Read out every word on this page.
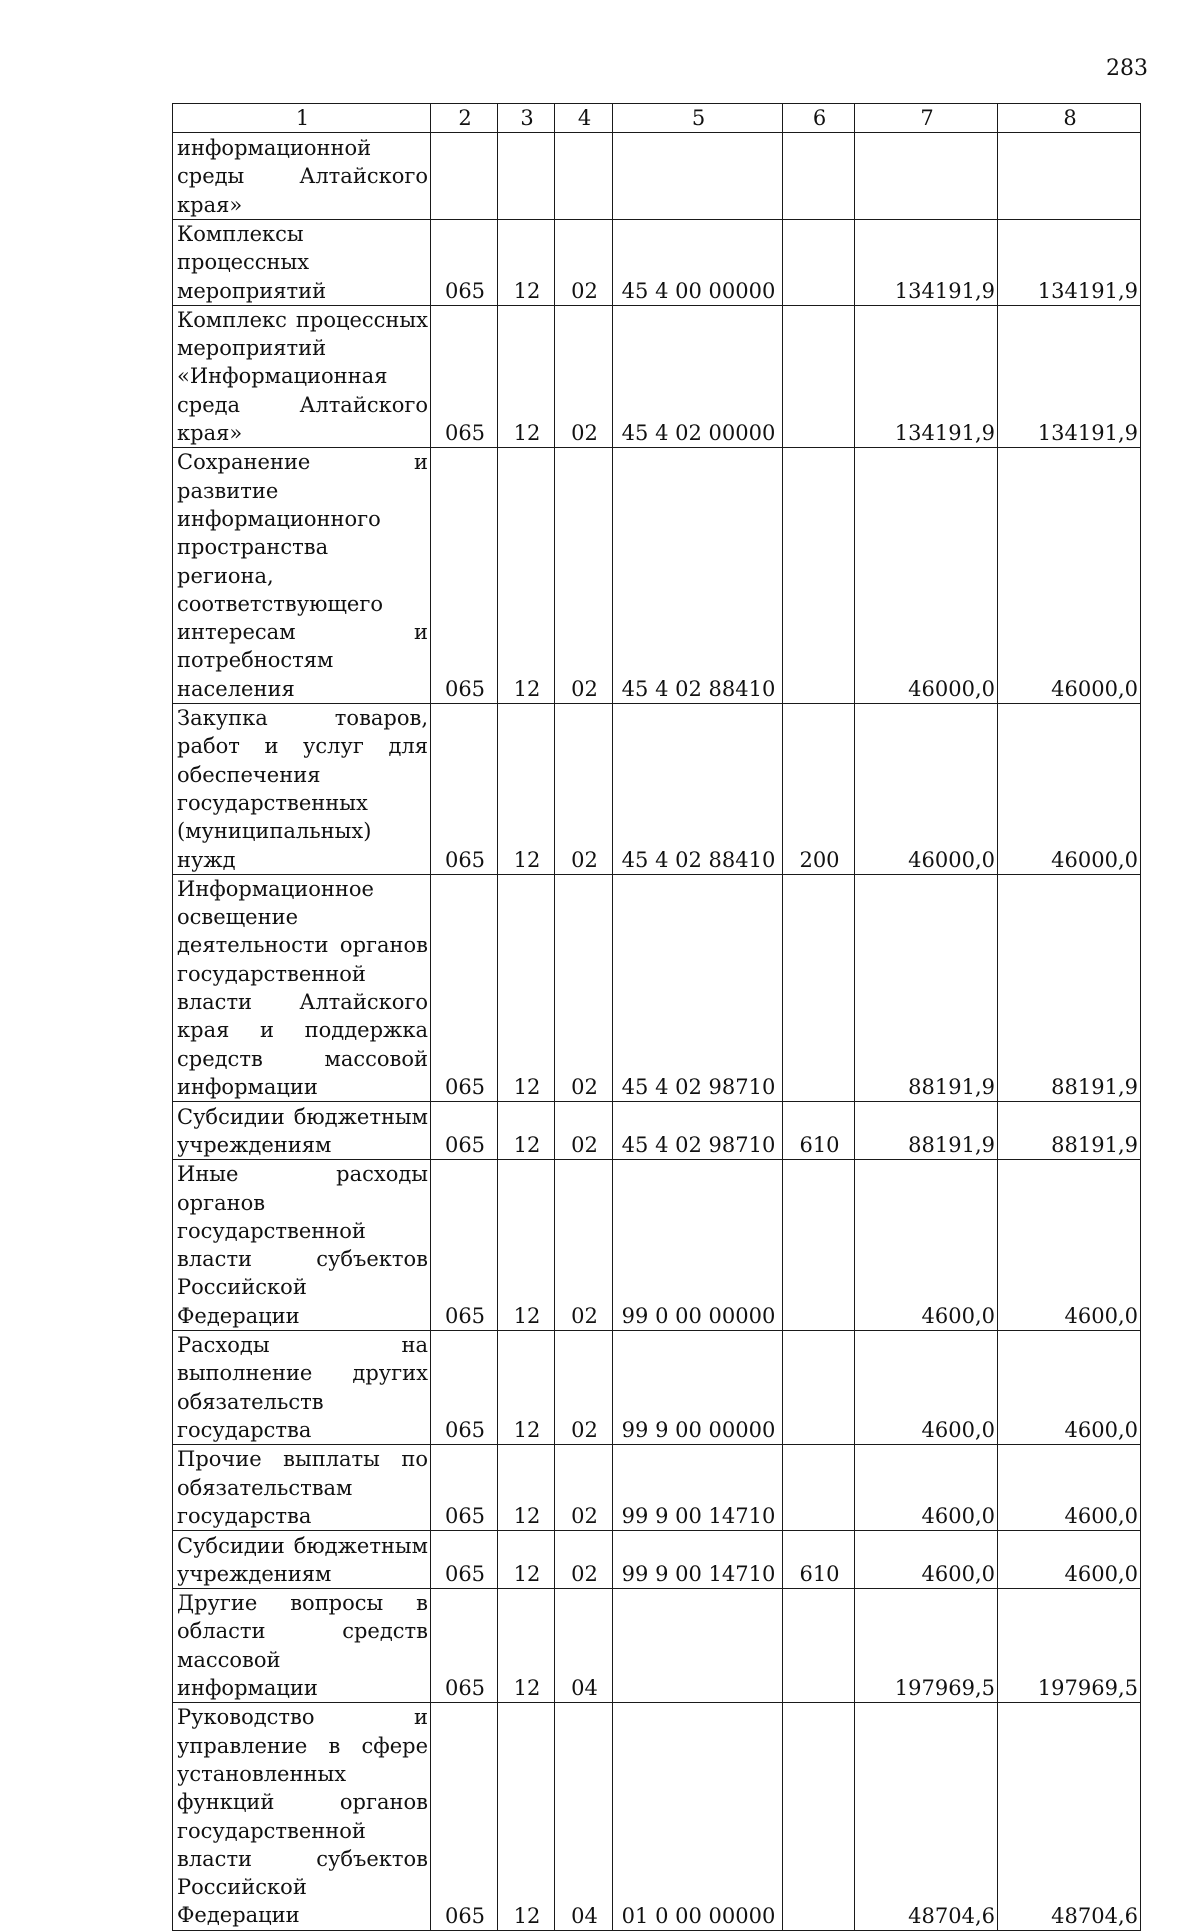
283
1	2	3	4	5	6	7	8
информационной среды Алтайского края»							
Комплексы процессных мероприятий	065	12	02	45 4 00 00000		134191,9	134191,9
Комплекс процессных мероприятий «Информационная среда Алтайского края»	065	12	02	45 4 02 00000		134191,9	134191,9
Сохранение и развитие информационного пространства региона, соответствующего интересам и потребностям населения	065	12	02	45 4 02 88410		46000,0	46000,0
Закупка товаров, работ и услуг для обеспечения государственных (муниципальных) нужд	065	12	02	45 4 02 88410	200	46000,0	46000,0
Информационное освещение деятельности органов государственной власти Алтайского края и поддержка средств массовой информации	065	12	02	45 4 02 98710		88191,9	88191,9
Субсидии бюджетным учреждениям	065	12	02	45 4 02 98710	610	88191,9	88191,9
Иные расходы органов государственной власти субъектов Российской Федерации	065	12	02	99 0 00 00000		4600,0	4600,0
Расходы на выполнение других обязательств государства	065	12	02	99 9 00 00000		4600,0	4600,0
Прочие выплаты по обязательствам государства	065	12	02	99 9 00 14710		4600,0	4600,0
Субсидии бюджетным учреждениям	065	12	02	99 9 00 14710	610	4600,0	4600,0
Другие вопросы в области средств массовой информации	065	12	04			197969,5	197969,5
Руководство и управление в сфере установленных функций органов государственной власти субъектов Российской Федерации	065	12	04	01 0 00 00000		48704,6	48704,6
